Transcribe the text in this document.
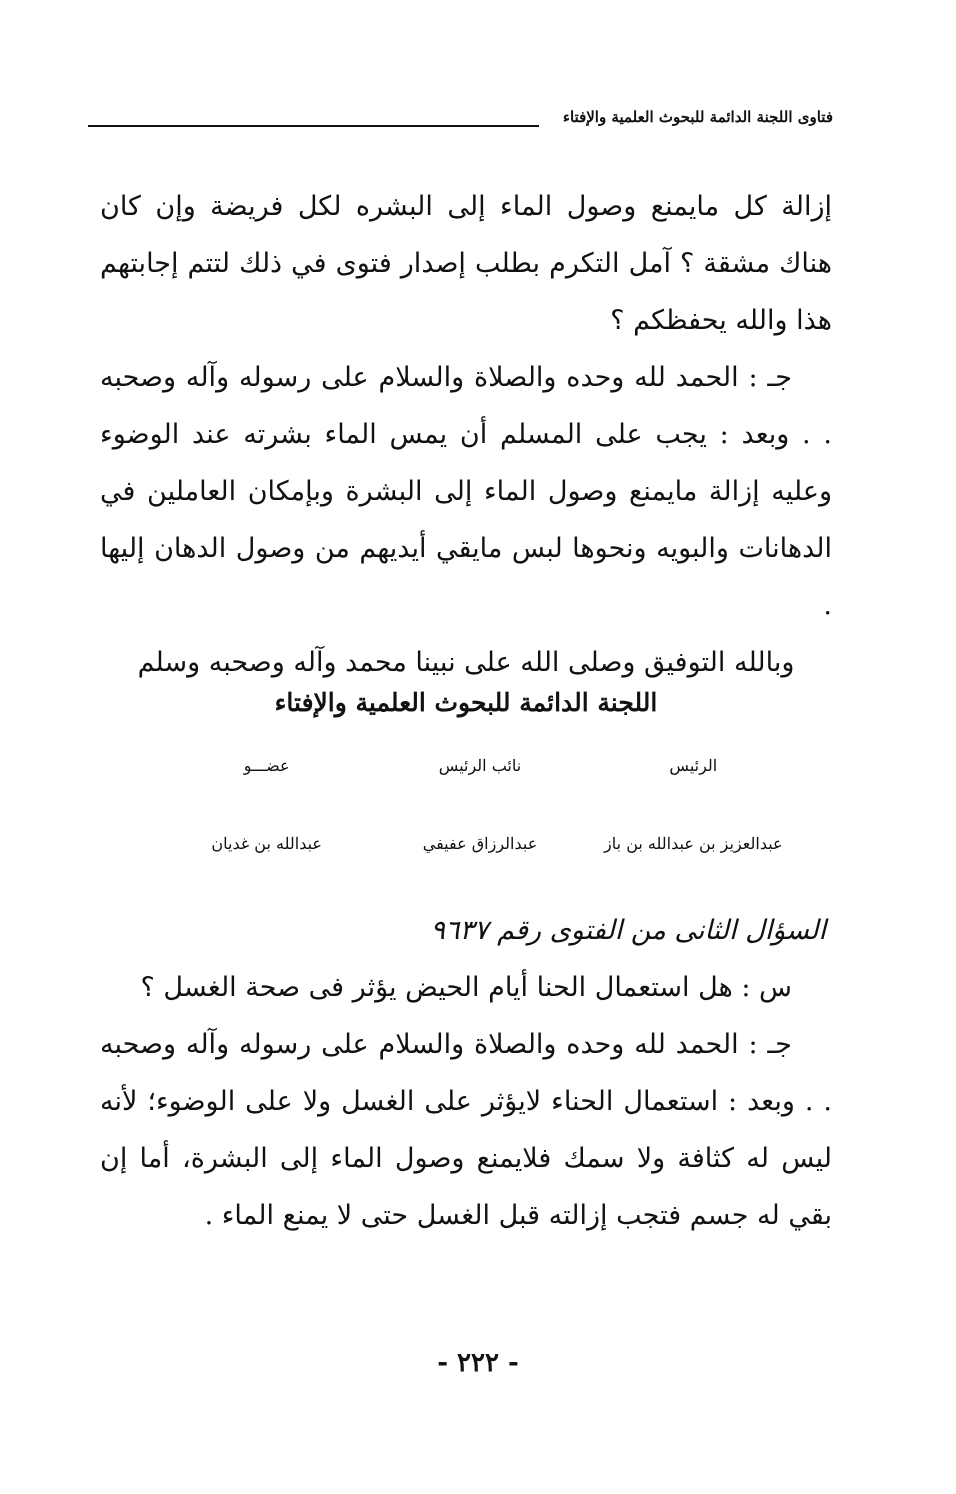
فتاوى اللجنة الدائمة للبحوث العلمية والإفتاء

إزالة كل مايمنع وصول الماء إلى البشره لكل فريضة وإن كان هناك مشقة ؟ آمل التكرم بطلب إصدار فتوى في ذلك لتتم إجابتهم هذا والله يحفظكم ؟

جـ : الحمد لله وحده والصلاة والسلام على رسوله وآله وصحبه . . وبعد : يجب على المسلم أن يمس الماء بشرته عند الوضوء وعليه إزالة مايمنع وصول الماء إلى البشرة وبإمكان العاملين في الدهانات والبويه ونحوها لبس مايقي أيديهم من وصول الدهان إليها .

وبالله التوفيق وصلى الله على نبينا محمد وآله وصحبه وسلم

اللجنة الدائمة للبحوث العلمية والإفتاء
الرئيس
نائب الرئيس
عضـــو
عبدالعزيز بن عبدالله بن باز
عبدالرزاق عفيفي
عبدالله بن غديان

السؤال الثانى من الفتوى رقم ٩٦٣٧

س : هل استعمال الحنا أيام الحيض يؤثر فى صحة الغسل ؟

جـ : الحمد لله وحده والصلاة والسلام على رسوله وآله وصحبه . . وبعد : استعمال الحناء لايؤثر على الغسل ولا على الوضوء؛ لأنه ليس له كثافة ولا سمك فلايمنع وصول الماء إلى البشرة، أما إن بقي له جسم فتجب إزالته قبل الغسل حتى لا يمنع الماء .

- ٢٢٢ -
